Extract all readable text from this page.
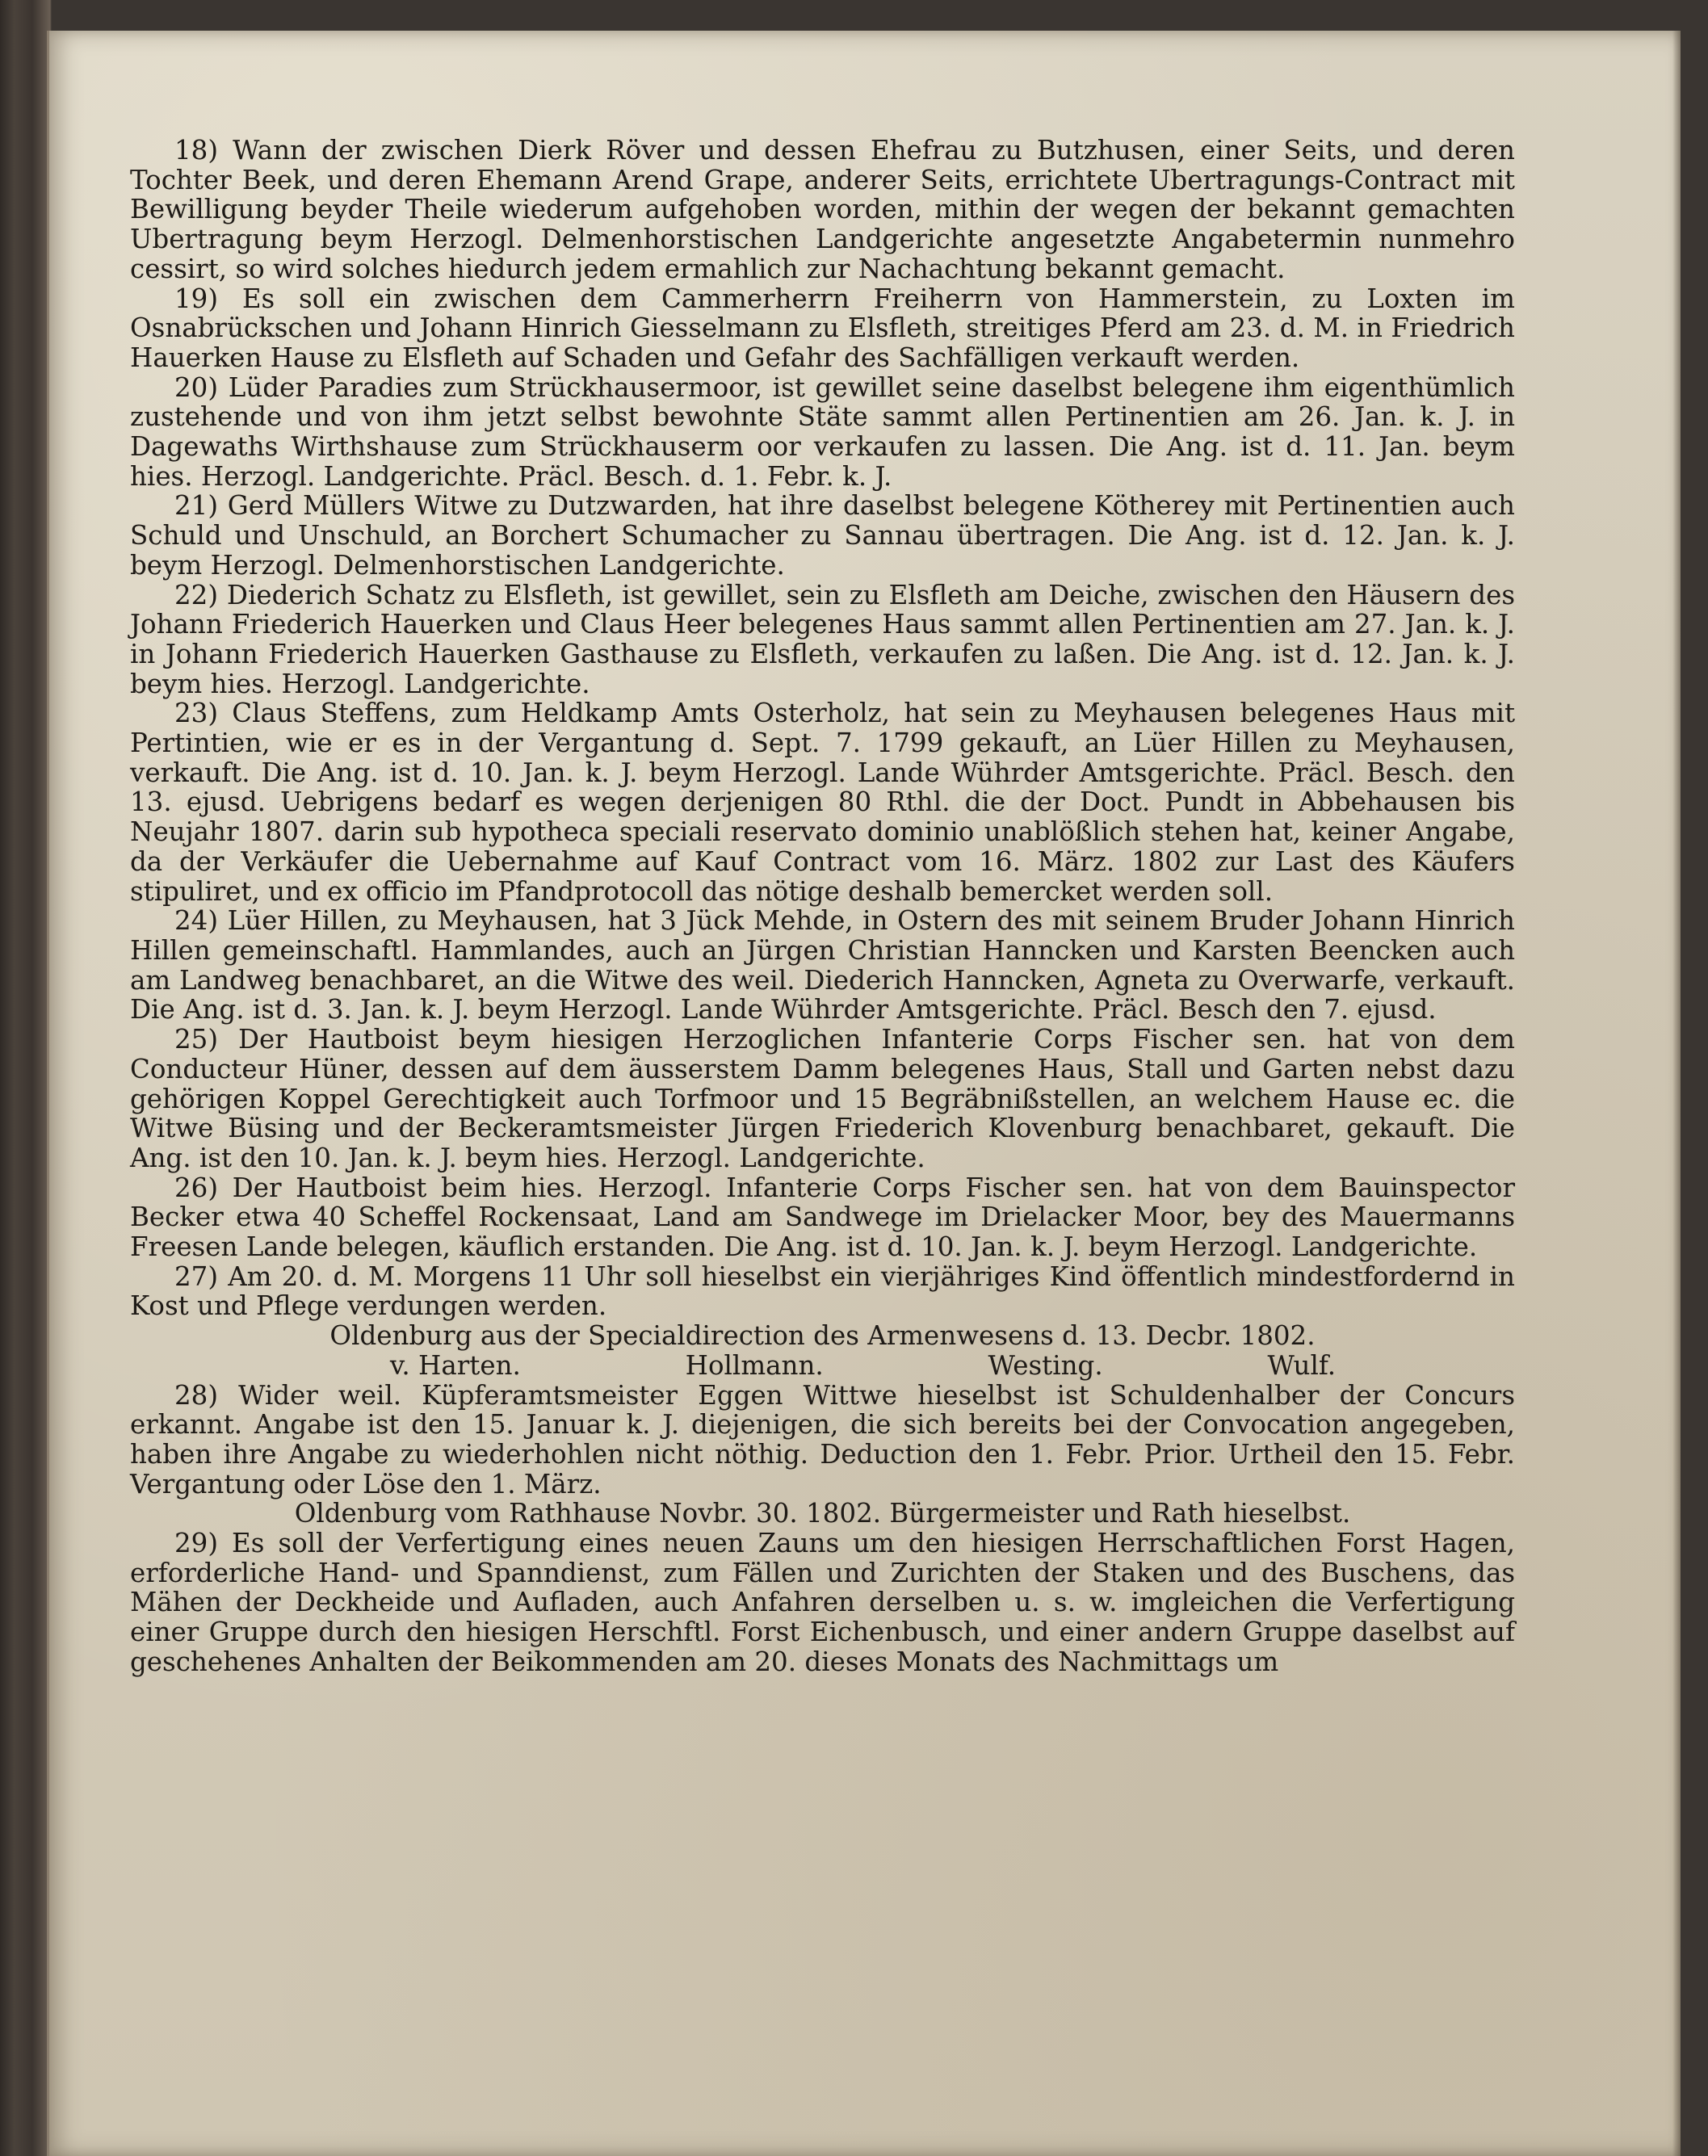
18) Wann der zwischen Dierk Röver und dessen Ehefrau zu Butzhusen, einer Seits, und deren Tochter Beek, und deren Ehemann Arend Grape, anderer Seits, errichtete Ubertragungs-Contract mit Bewilligung beyder Theile wiederum aufgehoben worden, mithin der wegen der bekannt gemachten Ubertragung beym Herzogl. Delmenhorstischen Landgerichte angesetzte Angabetermin nunmehro cessirt, so wird solches hiedurch jedem ermahlich zur Nachachtung bekannt gemacht.

19) Es soll ein zwischen dem Cammerherrn Freiherrn von Hammerstein, zu Loxten im Osnabrückschen und Johann Hinrich Giesselmann zu Elsfleth, streitiges Pferd am 23. d. M. in Friedrich Hauerken Hause zu Elsfleth auf Schaden und Gefahr des Sachfälligen verkauft werden.

20) Lüder Paradies zum Strückhausermoor, ist gewillet seine daselbst belegene ihm eigenthümlich zustehende und von ihm jetzt selbst bewohnte Stäte sammt allen Pertinentien am 26. Jan. k. J. in Dagewaths Wirthshause zum Strückhauserm oor verkaufen zu lassen. Die Ang. ist d. 11. Jan. beym hies. Herzogl. Landgerichte. Präcl. Besch. d. 1. Febr. k. J.

21) Gerd Müllers Witwe zu Dutzwarden, hat ihre daselbst belegene Kötherey mit Pertinentien auch Schuld und Unschuld, an Borchert Schumacher zu Sannau übertragen. Die Ang. ist d. 12. Jan. k. J. beym Herzogl. Delmenhorstischen Landgerichte.

22) Diederich Schatz zu Elsfleth, ist gewillet, sein zu Elsfleth am Deiche, zwischen den Häusern des Johann Friederich Hauerken und Claus Heer belegenes Haus sammt allen Pertinentien am 27. Jan. k. J. in Johann Friederich Hauerken Gasthause zu Elsfleth, verkaufen zu laßen. Die Ang. ist d. 12. Jan. k. J. beym hies. Herzogl. Landgerichte.

23) Claus Steffens, zum Heldkamp Amts Osterholz, hat sein zu Meyhausen belegenes Haus mit Pertintien, wie er es in der Vergantung d. Sept. 7. 1799 gekauft, an Lüer Hillen zu Meyhausen, verkauft. Die Ang. ist d. 10. Jan. k. J. beym Herzogl. Lande Wührder Amtsgerichte. Präcl. Besch. den 13. ejusd. Uebrigens bedarf es wegen derjenigen 80 Rthl. die der Doct. Pundt in Abbehausen bis Neujahr 1807. darin sub hypotheca speciali reservato dominio unablößlich stehen hat, keiner Angabe, da der Verkäufer die Uebernahme auf Kauf Contract vom 16. März. 1802 zur Last des Käufers stipuliret, und ex officio im Pfandprotocoll das nötige deshalb bemercket werden soll.

24) Lüer Hillen, zu Meyhausen, hat 3 Jück Mehde, in Ostern des mit seinem Bruder Johann Hinrich Hillen gemeinschaftl. Hammlandes, auch an Jürgen Christian Hanncken und Karsten Beencken auch am Landweg benachbaret, an die Witwe des weil. Diederich Hanncken, Agneta zu Overwarfe, verkauft. Die Ang. ist d. 3. Jan. k. J. beym Herzogl. Lande Wührder Amtsgerichte. Präcl. Besch den 7. ejusd.

25) Der Hautboist beym hiesigen Herzoglichen Infanterie Corps Fischer sen. hat von dem Conducteur Hüner, dessen auf dem äusserstem Damm belegenes Haus, Stall und Garten nebst dazu gehörigen Koppel Gerechtigkeit auch Torfmoor und 15 Begräbnißstellen, an welchem Hause ec. die Witwe Büsing und der Beckeramtsmeister Jürgen Friederich Klovenburg benachbaret, gekauft. Die Ang. ist den 10. Jan. k. J. beym hies. Herzogl. Landgerichte.

26) Der Hautboist beim hies. Herzogl. Infanterie Corps Fischer sen. hat von dem Bauinspector Becker etwa 40 Scheffel Rockensaat, Land am Sandwege im Drielacker Moor, bey des Mauermanns Freesen Lande belegen, käuflich erstanden. Die Ang. ist d. 10. Jan. k. J. beym Herzogl. Landgerichte.

27) Am 20. d. M. Morgens 11 Uhr soll hieselbst ein vierjähriges Kind öffentlich mindestfordernd in Kost und Pflege verdungen werden.

Oldenburg aus der Specialdirection des Armenwesens d. 13. Decbr. 1802.

v. Harten.	Hollmann.	Westing.	Wulf.

28) Wider weil. Küpferamtsmeister Eggen Wittwe hieselbst ist Schuldenhalber der Concurs erkannt. Angabe ist den 15. Januar k. J. diejenigen, die sich bereits bei der Convocation angegeben, haben ihre Angabe zu wiederhohlen nicht nöthig. Deduction den 1. Febr. Prior. Urtheil den 15. Febr. Vergantung oder Löse den 1. März.

Oldenburg vom Rathhause Novbr. 30. 1802. Bürgermeister und Rath hieselbst.

29) Es soll der Verfertigung eines neuen Zauns um den hiesigen Herrschaftlichen Forst Hagen, erforderliche Hand- und Spanndienst, zum Fällen und Zurichten der Staken und des Buschens, das Mähen der Deckheide und Aufladen, auch Anfahren derselben u. s. w. imgleichen die Verfertigung einer Gruppe durch den hiesigen Herschftl. Forst Eichenbusch, und einer andern Gruppe daselbst auf geschehenes Anhalten der Beikommenden am 20. dieses Monats des Nachmittags um
